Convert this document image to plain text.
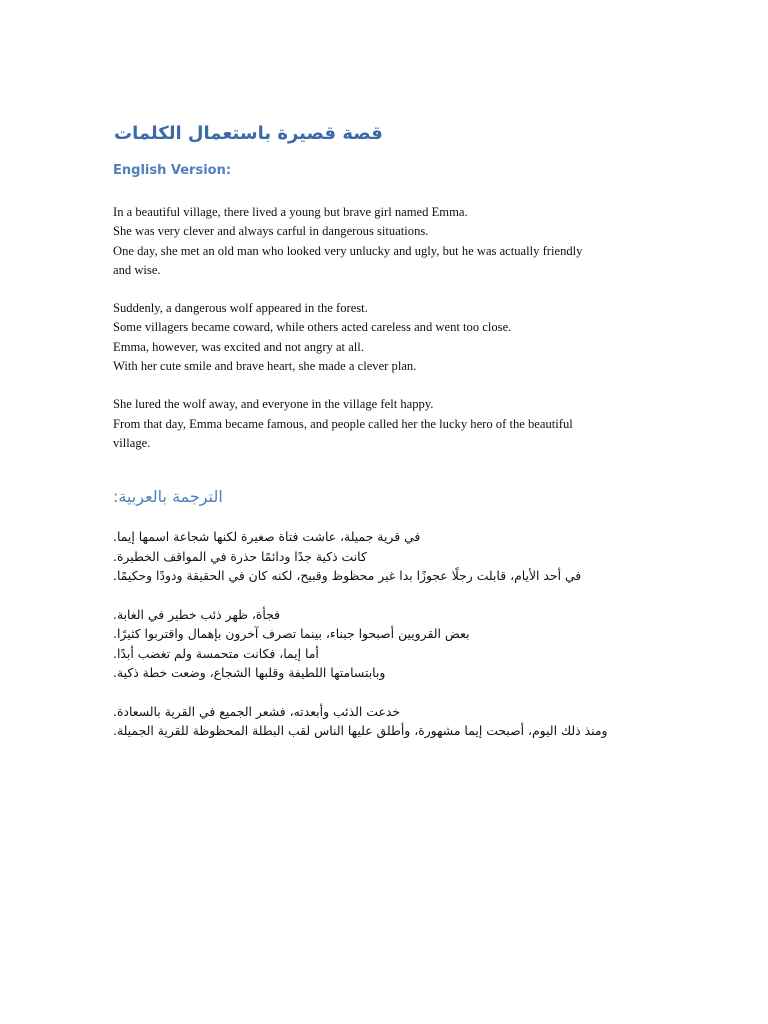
قصة قصيرة باستعمال الكلمات
English Version:
In a beautiful village, there lived a young but brave girl named Emma.
She was very clever and always carful in dangerous situations.
One day, she met an old man who looked very unlucky and ugly, but he was actually friendly
and wise.
Suddenly, a dangerous wolf appeared in the forest.
Some villagers became coward, while others acted careless and went too close.
Emma, however, was excited and not angry at all.
With her cute smile and brave heart, she made a clever plan.
She lured the wolf away, and everyone in the village felt happy.
From that day, Emma became famous, and people called her the lucky hero of the beautiful
village.
الترجمة بالعربية:
في قرية جميلة، عاشت فتاة صغيرة لكنها شجاعة اسمها إيما.
كانت ذكية جدًا ودائمًا حذرة في المواقف الخطيرة.
في أحد الأيام، قابلت رجلًا عجوزًا بدا غير محظوظ وقبيح، لكنه كان في الحقيقة ودودًا وحكيمًا.
فجأة، ظهر ذئب خطير في الغابة.
بعض القرويين أصبحوا جبناء، بينما تصرف آخرون بإهمال واقتربوا كثيرًا.
أما إيما، فكانت متحمسة ولم تغضب أبدًا.
وبابتسامتها اللطيفة وقلبها الشجاع، وضعت خطة ذكية.
خدعت الذئب وأبعدته، فشعر الجميع في القرية بالسعادة.
ومنذ ذلك اليوم، أصبحت إيما مشهورة، وأطلق عليها الناس لقب البطلة المحظوظة للقرية الجميلة.
